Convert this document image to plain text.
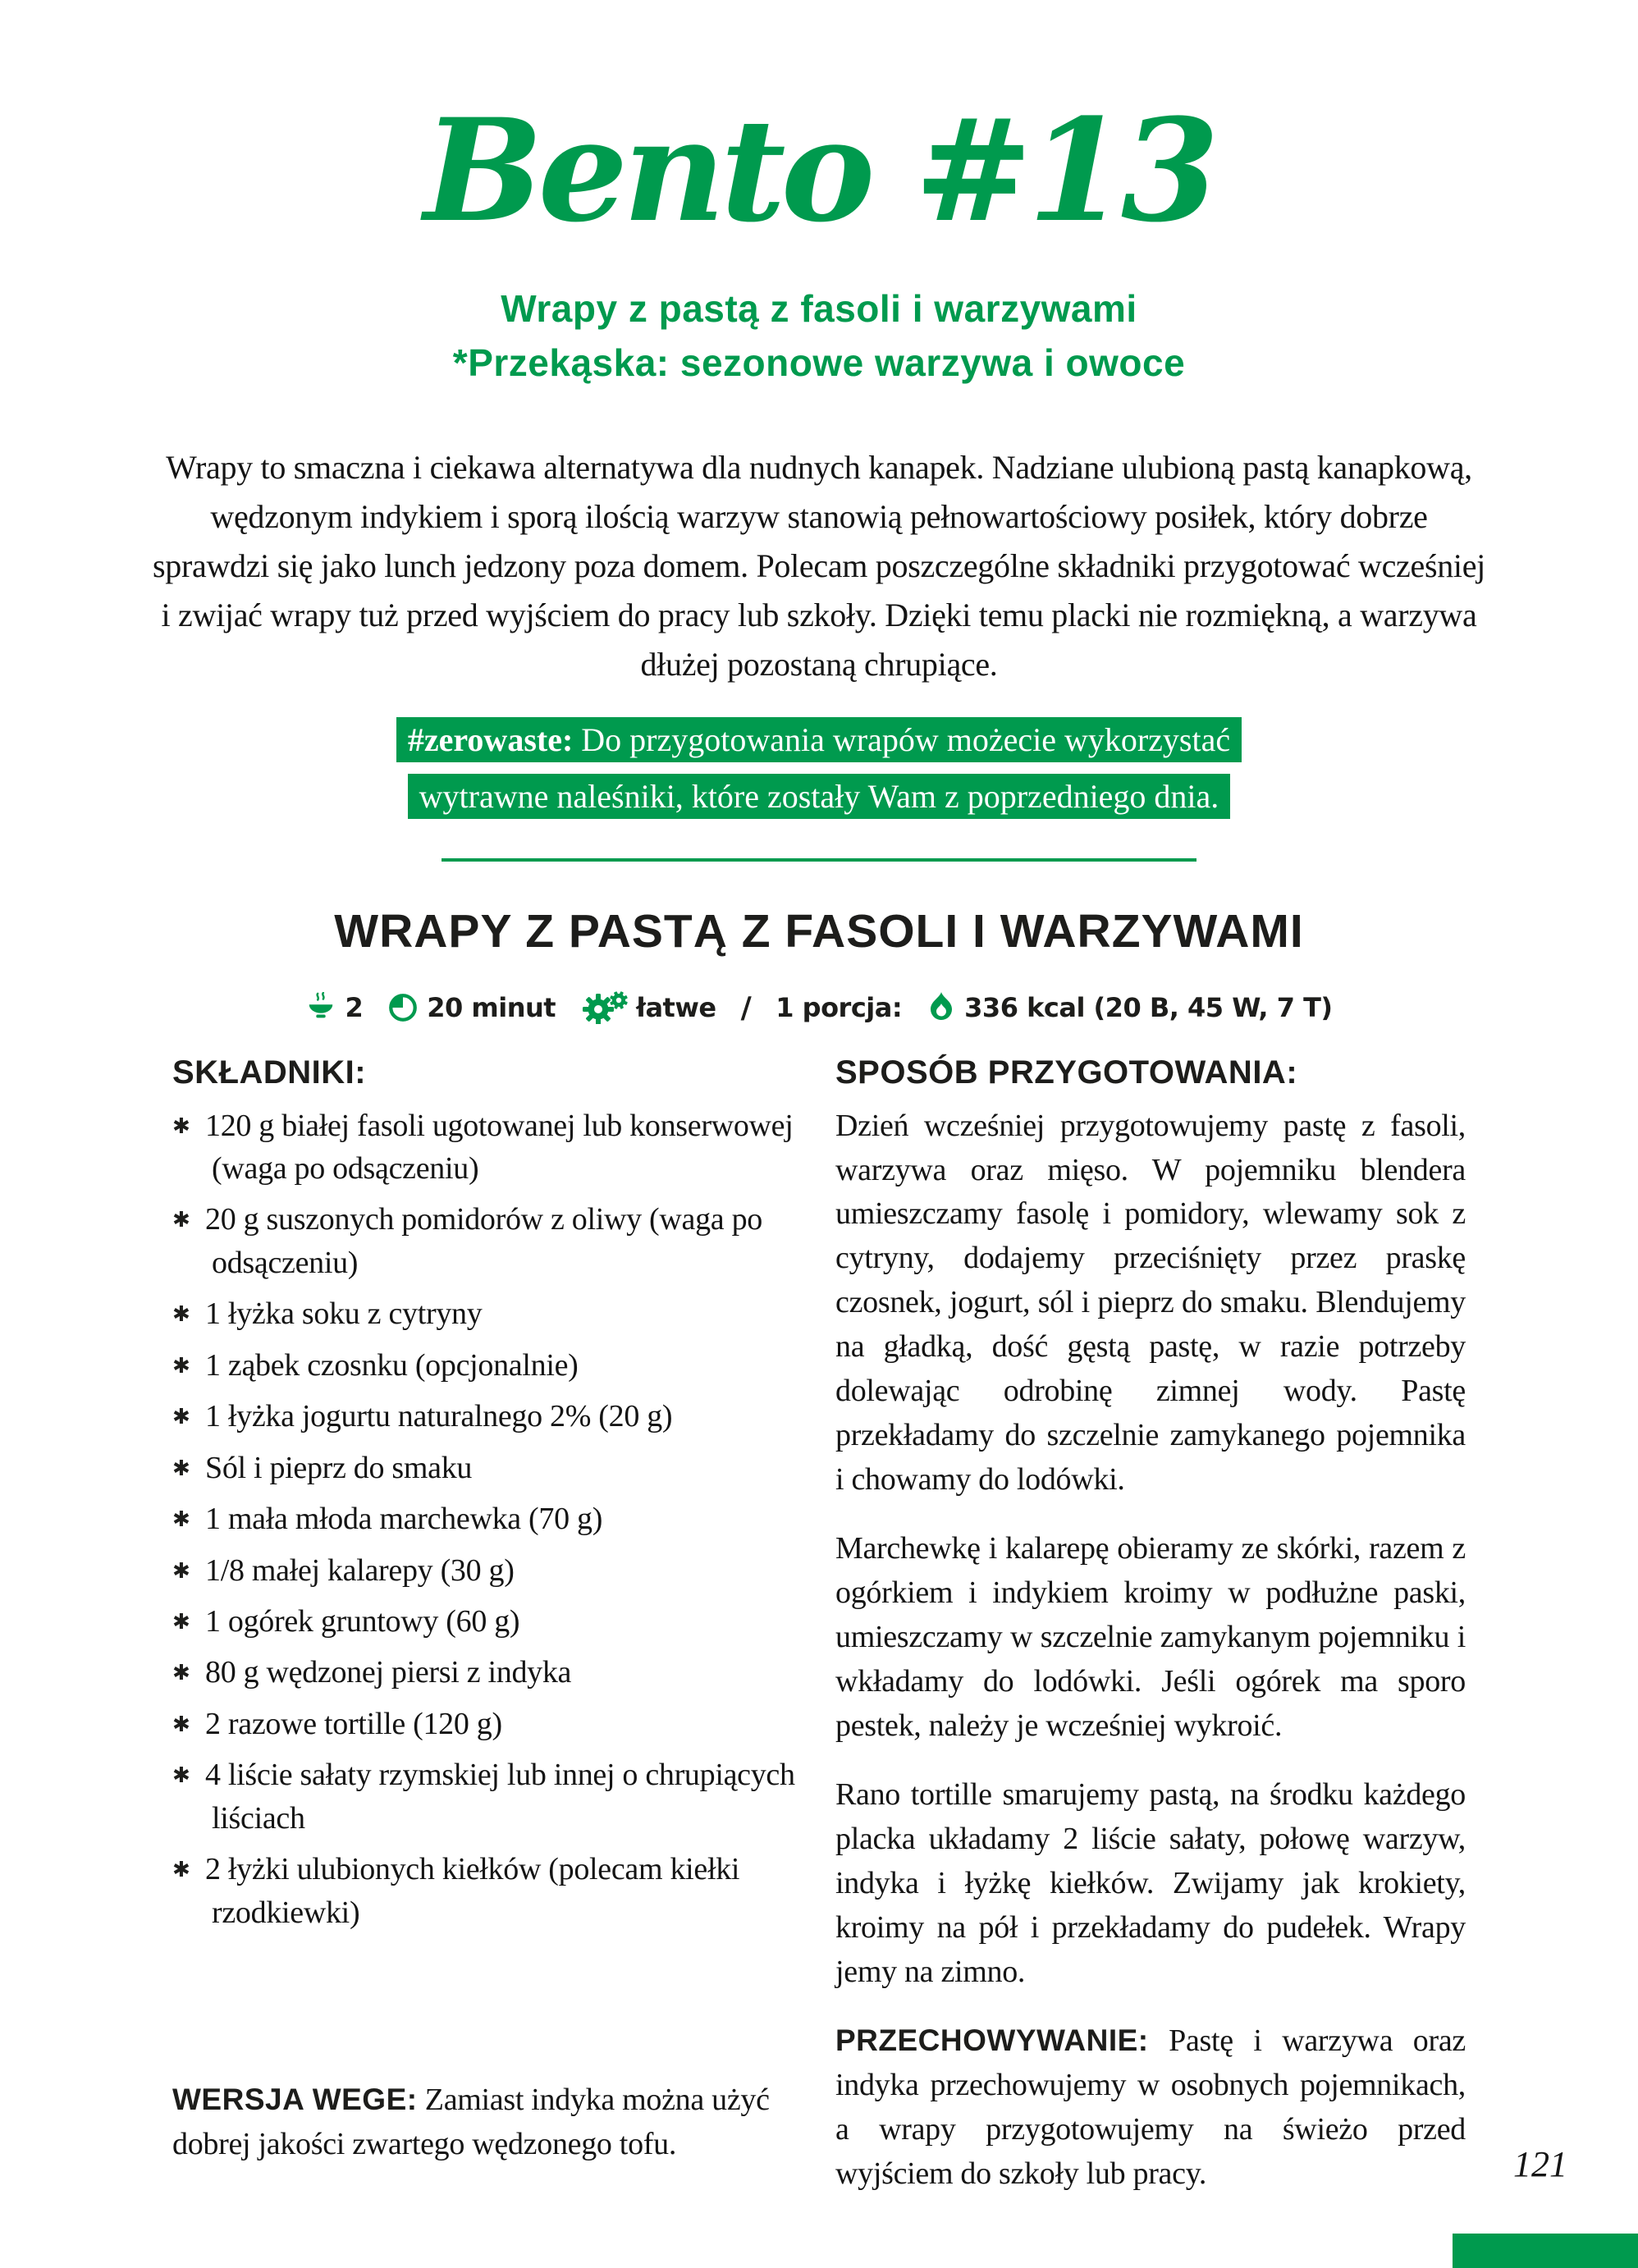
Bento #13
Wrapy z pastą z fasoli i warzywami
*Przekąska: sezonowe warzywa i owoce

Wrapy to smaczna i ciekawa alternatywa dla nudnych kanapek. Nadziane ulubioną pastą kanapkową, wędzonym indykiem i sporą ilością warzyw stanowią pełnowartościowy posiłek, który dobrze sprawdzi się jako lunch jedzony poza domem. Polecam poszczególne składniki przygotować wcześniej i zwijać wrapy tuż przed wyjściem do pracy lub szkoły. Dzięki temu placki nie rozmiękną, a warzywa dłużej pozostaną chrupiące.

#zerowaste: Do przygotowania wrapów możecie wykorzystać
wytrawne naleśniki, które zostały Wam z poprzedniego dnia.
WRAPY Z PASTĄ Z FASOLI I WARZYWAMI
2 20 minut	łatwe / 1 porcja: 336 kcal (20 B, 45 W, 7 T)
SKŁADNIKI:
✱ 120 g białej fasoli ugotowanej lub konserwowej (waga po odsączeniu)
✱ 20 g suszonych pomidorów z oliwy (waga po odsączeniu)
✱ 1 łyżka soku z cytryny
✱ 1 ząbek czosnku (opcjonalnie)
✱ 1 łyżka jogurtu naturalnego 2% (20 g)
✱ Sól i pieprz do smaku
✱ 1 mała młoda marchewka (70 g)
✱ 1/8 małej kalarepy (30 g)
✱ 1 ogórek gruntowy (60 g)
✱ 80 g wędzonej piersi z indyka
✱ 2 razowe tortille (120 g)
✱ 4 liście sałaty rzymskiej lub innej o chrupiących liściach
✱ 2 łyżki ulubionych kiełków (polecam kiełki rzodkiewki)

WERSJA WEGE: Zamiast indyka można użyć dobrej jakości zwartego wędzonego tofu.

SPOSÓB PRZYGOTOWANIA:

Dzień wcześniej przygotowujemy pastę z fasoli, warzywa oraz mięso. W pojemniku blendera umieszczamy fasolę i pomidory, wlewamy sok z cytryny, dodajemy przeciśnięty przez praskę czosnek, jogurt, sól i pieprz do smaku. Blendujemy na gładką, dość gęstą pastę, w razie potrzeby dolewając odrobinę zimnej wody. Pastę przekładamy do szczelnie zamykanego pojemnika i chowamy do lodówki.

Marchewkę i kalarepę obieramy ze skórki, razem z ogórkiem i indykiem kroimy w podłużne paski, umieszczamy w szczelnie zamykanym pojemniku i wkładamy do lodówki. Jeśli ogórek ma sporo pestek, należy je wcześniej wykroić.

Rano tortille smarujemy pastą, na środku każdego placka układamy 2 liście sałaty, połowę warzyw, indyka i łyżkę kiełków. Zwijamy jak krokiety, kroimy na pół i przekładamy do pudełek. Wrapy jemy na zimno.

PRZECHOWYWANIE: Pastę i warzywa oraz indyka przechowujemy w osobnych pojemnikach, a wrapy przygotowujemy na świeżo przed wyjściem do szkoły lub pracy.	121
